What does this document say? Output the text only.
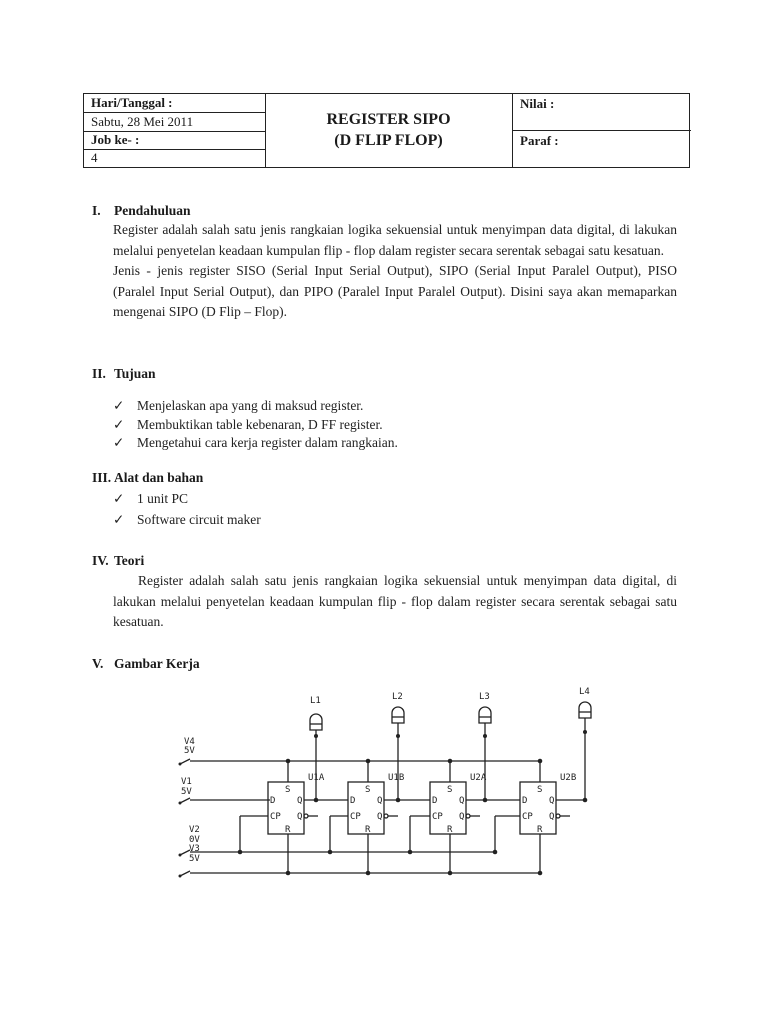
Hari/Tanggal :
Sabtu, 28 Mei 2011
Job ke- :
4
REGISTER SIPO
(D FLIP FLOP)
Nilai :
Paraf :
I. Pendahuluan

Register adalah salah satu jenis rangkaian logika sekuensial untuk menyimpan data digital, di lakukan melalui penyetelan keadaan kumpulan flip - flop dalam register secara serentak sebagai satu kesatuan.

Jenis - jenis register SISO (Serial Input Serial Output), SIPO (Serial Input Paralel Output), PISO (Paralel Input Serial Output), dan PIPO (Paralel Input Paralel Output). Disini saya akan memaparkan mengenai SIPO (D Flip – Flop).

II. Tujuan
✓ Menjelaskan apa yang di maksud register.
✓ Membuktikan table kebenaran, D FF register.
✓ Mengetahui cara kerja register dalam rangkaian.
III. Alat dan bahan
✓ 1 unit PC
✓ Software circuit maker
IV. Teori

Register adalah salah satu jenis rangkaian logika sekuensial untuk menyimpan data digital, di lakukan melalui penyetelan keadaan kumpulan flip - flop dalam register secara serentak sebagai satu kesatuan.

V. Gambar Kerja
V4
5V
V1
5V
V2
0V
V3
5V
L1	L2	L3	L4
U1A	U1B	U2A	U2B
S
D Q
CP Q
R
S
D Q
CP Q
R
S
D Q
CP Q
R
S
D Q
CP Q
R
